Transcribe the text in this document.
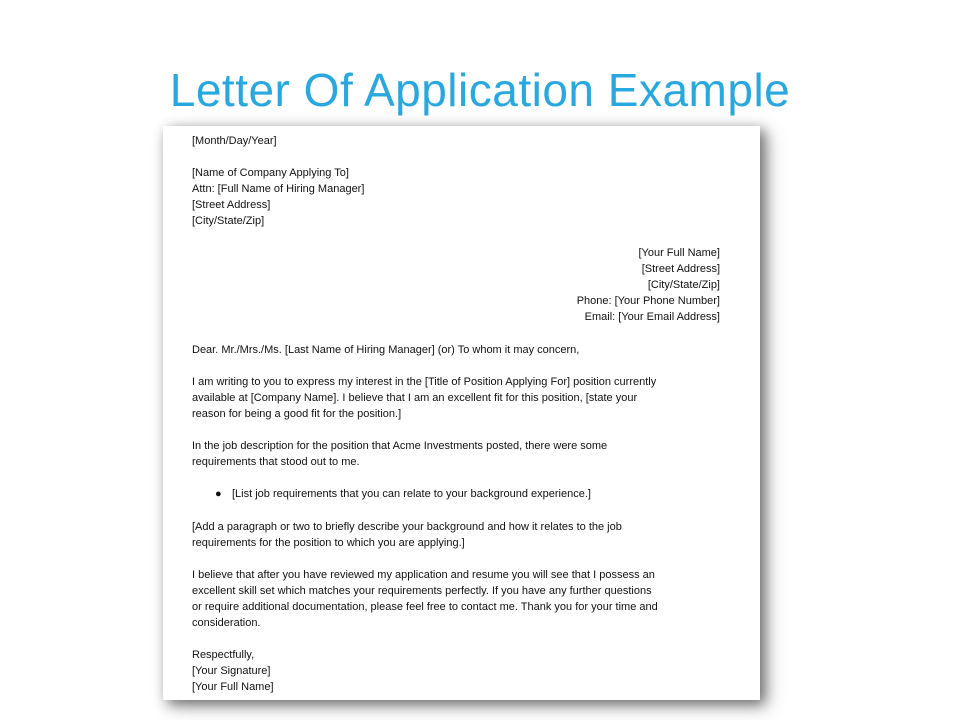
Letter Of Application Example
[Month/Day/Year]
[Name of Company Applying To]
Attn: [Full Name of Hiring Manager]
[Street Address]
[City/State/Zip]
[Your Full Name]
[Street Address]
[City/State/Zip]
Phone: [Your Phone Number]
Email: [Your Email Address]
Dear. Mr./Mrs./Ms. [Last Name of Hiring Manager] (or) To whom it may concern,
I am writing to you to express my interest in the [Title of Position Applying For] position currently
available at [Company Name]. I believe that I am an excellent fit for this position, [state your
reason for being a good fit for the position.]
In the job description for the position that Acme Investments posted, there were some
requirements that stood out to me.
● [List job requirements that you can relate to your background experience.]
[Add a paragraph or two to briefly describe your background and how it relates to the job
requirements for the position to which you are applying.]
I believe that after you have reviewed my application and resume you will see that I possess an
excellent skill set which matches your requirements perfectly. If you have any further questions
or require additional documentation, please feel free to contact me. Thank you for your time and
consideration.
Respectfully,
[Your Signature]
[Your Full Name]
